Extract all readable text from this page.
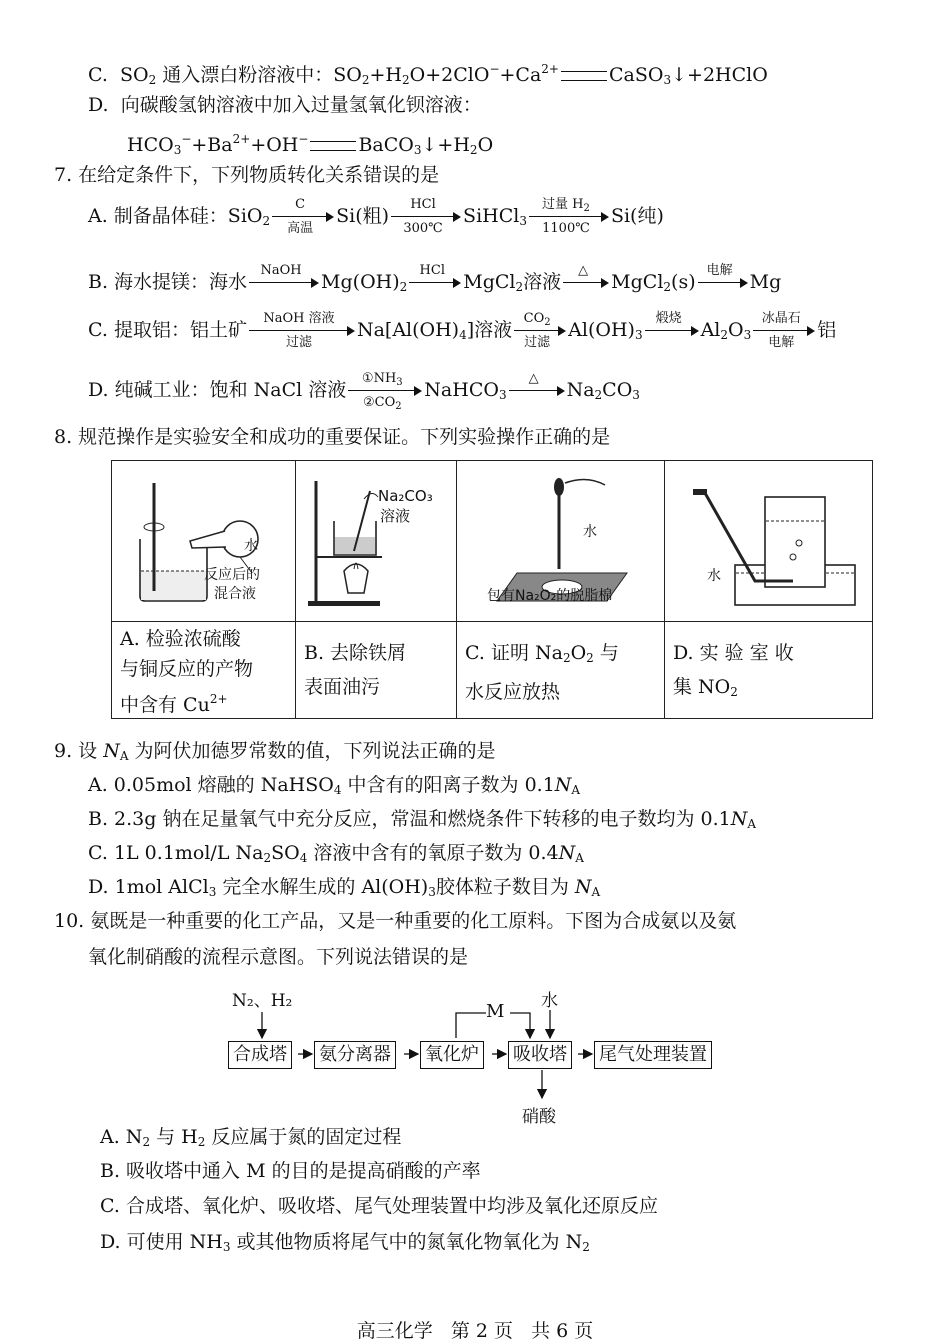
C. $SO_2$ 通入漂白粉溶液中：$SO_2+H_2O+2ClO^-+Ca^{2+}$	CaSO$_3$↓+2HClO
D. 向碳酸氢钠溶液中加入过量氢氧化钡溶液：
$HCO_3^-+Ba^{2+}+OH^-$	$BaCO_3↓+H_2O$
7. 在给定条件下，下列物质转化关系错误的是
A. 制备晶体硅：SiO$_2$
C
高温
Si(粗)
HCl
300℃
SiHCl$_3$
过量 $H_2$
1100℃
Si(纯)
B. 海水提镁：海水
NaOH
$Mg(OH)_2$
HCl
MgCl$_2$溶液
△
MgCl$_2$(s)
电解
Mg
C. 提取铝：铝土矿
NaOH 溶液
过滤
$Na[Al(OH)_4]$溶液
$CO_2$
过滤
$Al(OH)_3$
煅烧
$Al_2O_3$
冰晶石
电解
铝
D. 纯碱工业：饱和 NaCl 溶液 $\frac{①NH_3}{②CO_2}$ NaHCO$_3$
△
$Na_2CO_3$
8. 规范操作是实验安全和成功的重要保证。下列实验操作正确的是
水
反应后的
混合液	Na₂CO₃
溶液	水
包有Na₂O₂的脱脂棉	水

A. 检验浓硫酸
与铜反应的产物
中含有 $Cu^{2+}$	B. 去除铁屑
表面油污	C. 证明 $Na_2O_2$ 与
水反应放热	D. 实 验 室 收
集 $NO_2$
9. 设 $N_A$ 为阿伏加德罗常数的值，下列说法正确的是
A. 0.05mol 熔融的 NaHSO$_4$ 中含有的阳离子数为 $0.1N_A$
B. 2.3g 钠在足量氧气中充分反应，常温和燃烧条件下转移的电子数均为 $0.1N_A$
C. 1L 0.1mol/L $Na_2SO_4$ 溶液中含有的氧原子数为 $0.4N_A$
D. 1mol AlCl$_3$ 完全水解生成的 $Al(OH)_3$胶体粒子数目为 $N_A$
10. 氨既是一种重要的化工产品，又是一种重要的化工原料。下图为合成氨以及氨
氧化制硝酸的流程示意图。下列说法错误的是
N₂、H₂
合成塔 氨分离器 氧化炉 吸收塔 尾气处理装置
M 水
硝酸
A. $N_2$ 与 $H_2$ 反应属于氮的固定过程
B. 吸收塔中通入 M 的目的是提高硝酸的产率
C. 合成塔、氧化炉、吸收塔、尾气处理装置中均涉及氧化还原反应
D. 可使用 $NH_3$ 或其他物质将尾气中的氮氧化物氧化为 $N_2$
高三化学   第 2 页   共 6 页
